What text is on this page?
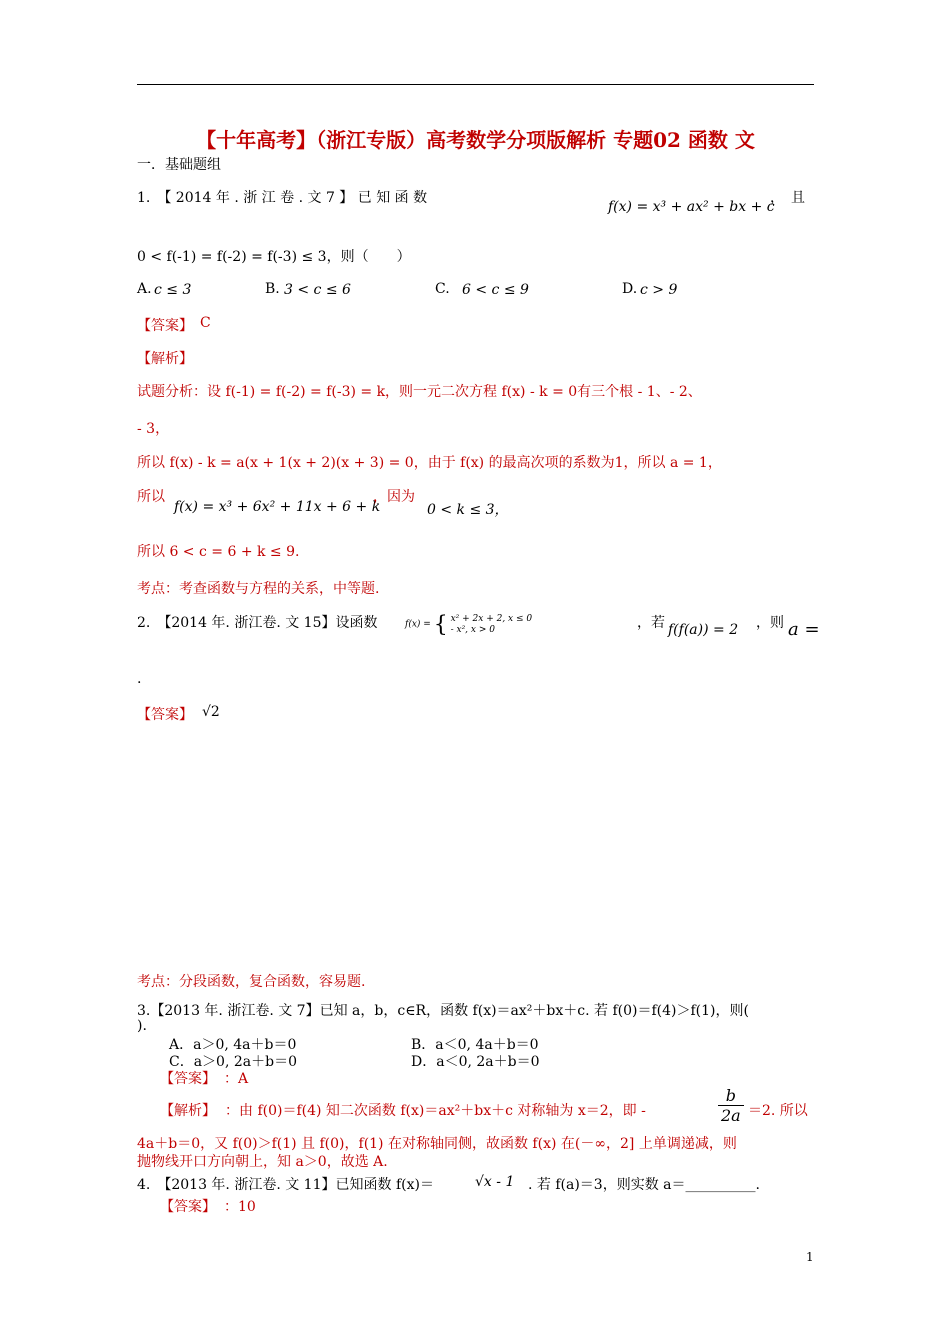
【十年高考】（浙江专版）高考数学分项版解析 专题02 函数 文
一．基础题组
1.　【 2014 年 . 浙 江 卷 . 文 7 】 已 知 函 数
f(x) = x³ + ax² + bx + c
，　且
0 < f(-1) = f(-2) = f(-3) ≤ 3，则（　　）
A. c ≤ 3	B. 3 < c ≤ 6	C. 6 < c ≤ 9	D. c > 9
【答案】 C
【解析】
试题分析：设 f(-1) = f(-2) = f(-3) = k，则一元二次方程 f(x) - k = 0有三个根 - 1、- 2、
- 3，
所以 f(x) - k = a(x + 1(x + 2)(x + 3) = 0，由于 f(x) 的最高次项的系数为1，所以 a = 1，
所以
f(x) = x³ + 6x² + 11x + 6 + k
，因为
0 < k ≤ 3，
所以 6 < c = 6 + k ≤ 9.
考点：考查函数与方程的关系，中等题.
2.　【2014 年. 浙江卷. 文 15】设函数	f(x) = { x² + 2x + 2, x ≤ 0
- x², x > 0	，若 f(f(a)) = 2 ，则 a =
.
【答案】 √2
考点：分段函数，复合函数，容易题.
3.【2013 年. 浙江卷. 文 7】已知 a，b，c∈R，函数 f(x)＝ax²＋bx＋c. 若 f(0)＝f(4)＞f(1)，则(
).
A．a＞0, 4a＋b＝0	B．a＜0, 4a＋b＝0
C．a＞0, 2a＋b＝0	D．a＜0, 2a＋b＝0
【答案】 ：A
【解析】 ：由 f(0)＝f(4) 知二次函数 f(x)＝ax²＋bx＋c 对称轴为 x＝2，即 -	$\frac{b}{2a} =2$. 所以
4a＋b＝0，又 f(0)＞f(1) 且 f(0)，f(1) 在对称轴同侧，故函数 f(x) 在(－∞，2] 上单调递减，则
抛物线开口方向朝上，知 a＞0，故选 A.
4.　【2013 年. 浙江卷. 文 11】已知函数 f(x)＝	√x - 1 . 若 f(a)＝3，则实数 a＝__________.
【答案】 ：10
1
